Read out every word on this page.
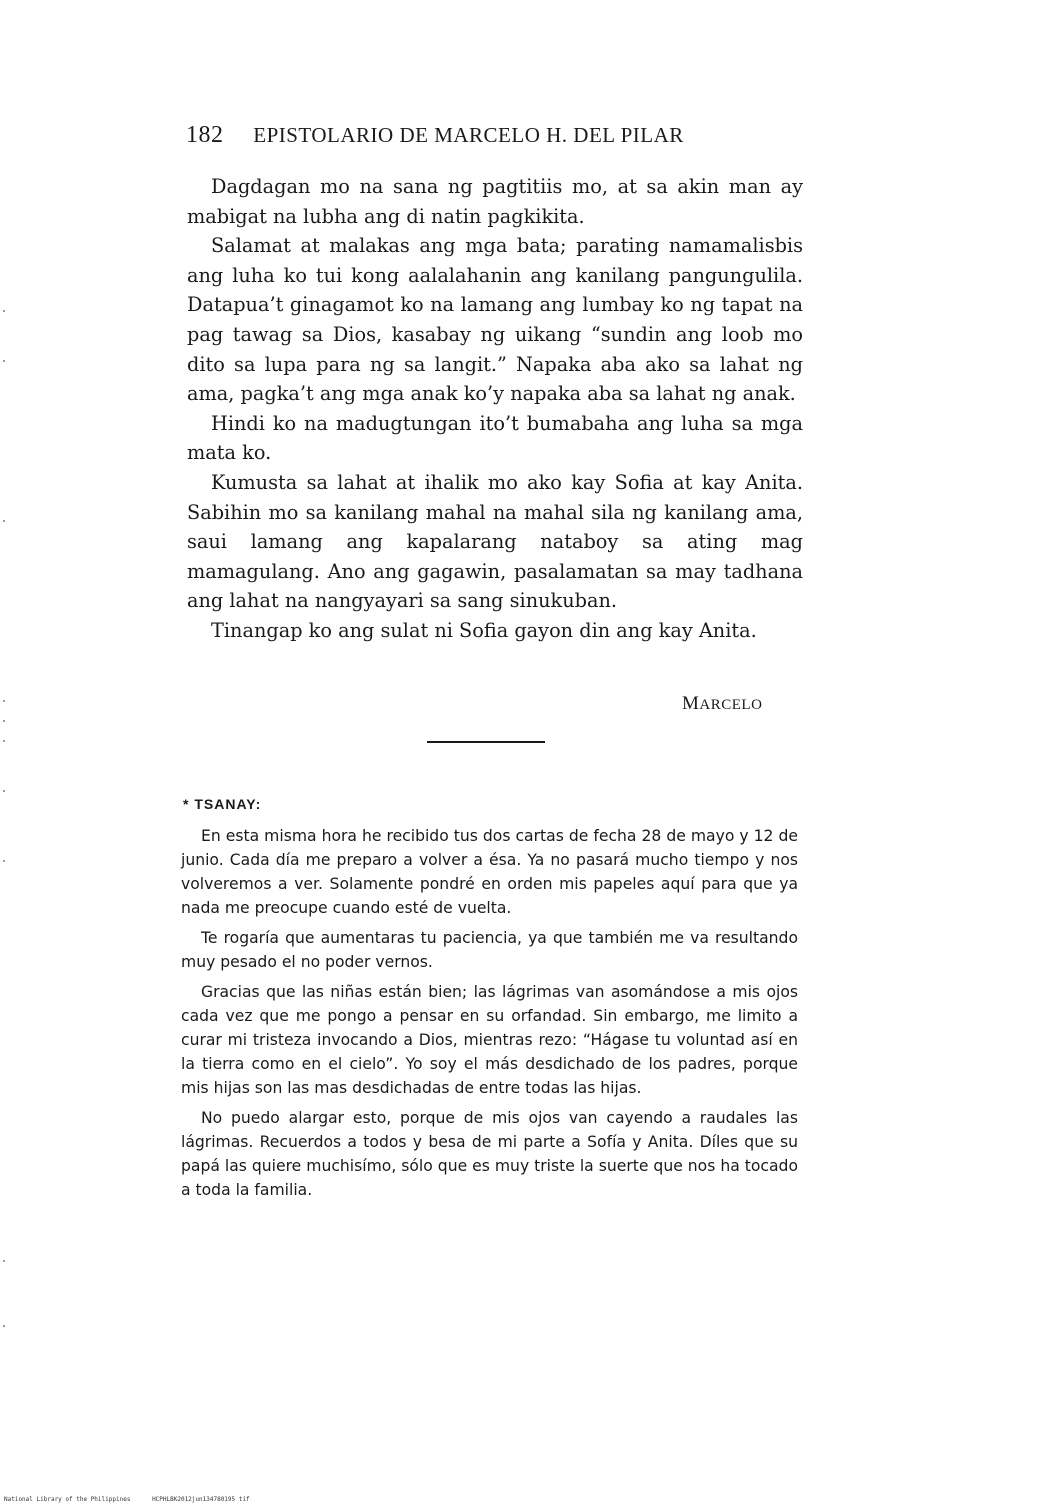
182 EPISTOLARIO DE MARCELO H. DEL PILAR

Dagdagan mo na sana ng pagtitiis mo, at sa akin man ay mabigat na lubha ang di natin pagkikita.

Salamat at malakas ang mga bata; parating namamalisbis ang luha ko tui kong aalalahanin ang kanilang pangungulila. Datapua’t ginagamot ko na lamang ang lumbay ko ng tapat na pag tawag sa Dios, kasabay ng uikang “sundin ang loob mo dito sa lupa para ng sa langit.” Napaka aba ako sa lahat ng ama, pagka’t ang mga anak ko’y napaka aba sa lahat ng anak.

Hindi ko na madugtungan ito’t bumabaha ang luha sa mga mata ko.

Kumusta sa lahat at ihalik mo ako kay Sofia at kay Anita. Sabihin mo sa kanilang mahal na mahal sila ng kanilang ama, saui lamang ang kapalarang nataboy sa ating mag mamagulang. Ano ang gagawin, pasalamatan sa may tadhana ang lahat na nangyayari sa sang sinukuban.

Tinangap ko ang sulat ni Sofia gayon din ang kay Anita.

MARCELO
* TSANAY:

En esta misma hora he recibido tus dos cartas de fecha 28 de mayo y 12 de junio. Cada día me preparo a volver a ésa. Ya no pasará mucho tiempo y nos volveremos a ver. Solamente pondré en orden mis papeles aquí para que ya nada me preocupe cuando esté de vuelta.

Te rogaría que aumentaras tu paciencia, ya que también me va resultando muy pesado el no poder vernos.

Gracias que las niñas están bien; las lágrimas van asomándose a mis ojos cada vez que me pongo a pensar en su orfandad. Sin embargo, me limito a curar mi tristeza invocando a Dios, mientras rezo: “Hágase tu voluntad así en la tierra como en el cielo”. Yo soy el más desdichado de los padres, porque mis hijas son las mas desdichadas de entre todas las hijas.

No puedo alargar esto, porque de mis ojos van cayendo a raudales las lágrimas. Recuerdos a todos y besa de mi parte a Sofía y Anita. Díles que su papá las quiere muchisímo, sólo que es muy triste la suerte que nos ha tocado a toda la familia.

National Library of the Philippines	HCPHLBK2012jun134780195 tif
